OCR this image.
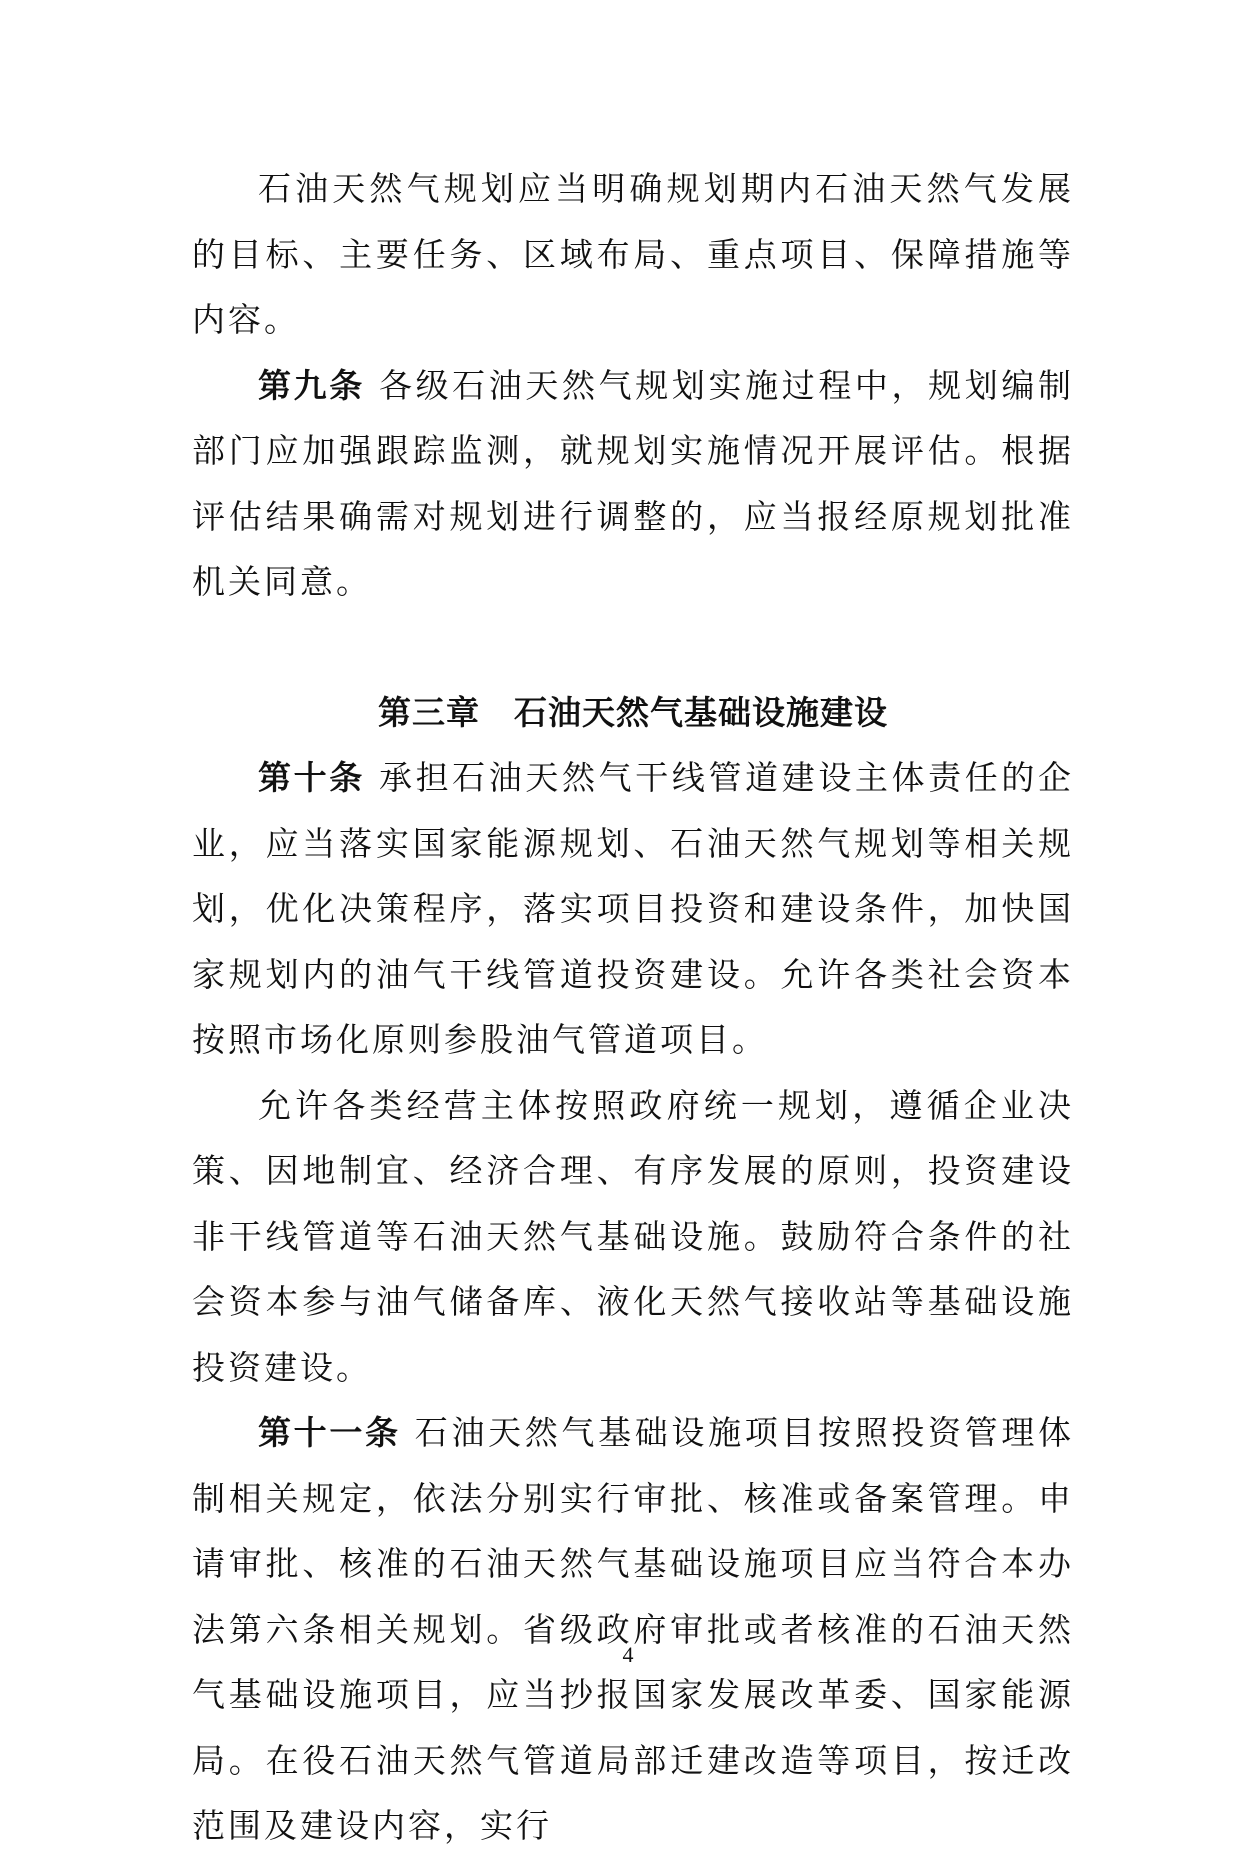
石油天然气规划应当明确规划期内石油天然气发展的目标、主要任务、区域布局、重点项目、保障措施等内容。

第九条 各级石油天然气规划实施过程中，规划编制部门应加强跟踪监测，就规划实施情况开展评估。根据评估结果确需对规划进行调整的，应当报经原规划批准机关同意。

第三章　石油天然气基础设施建设

第十条 承担石油天然气干线管道建设主体责任的企业，应当落实国家能源规划、石油天然气规划等相关规划，优化决策程序，落实项目投资和建设条件，加快国家规划内的油气干线管道投资建设。允许各类社会资本按照市场化原则参股油气管道项目。

允许各类经营主体按照政府统一规划，遵循企业决策、因地制宜、经济合理、有序发展的原则，投资建设非干线管道等石油天然气基础设施。鼓励符合条件的社会资本参与油气储备库、液化天然气接收站等基础设施投资建设。

第十一条 石油天然气基础设施项目按照投资管理体制相关规定，依法分别实行审批、核准或备案管理。申请审批、核准的石油天然气基础设施项目应当符合本办法第六条相关规划。省级政府审批或者核准的石油天然气基础设施项目，应当抄报国家发展改革委、国家能源局。在役石油天然气管道局部迁建改造等项目，按迁改范围及建设内容，实行

4
